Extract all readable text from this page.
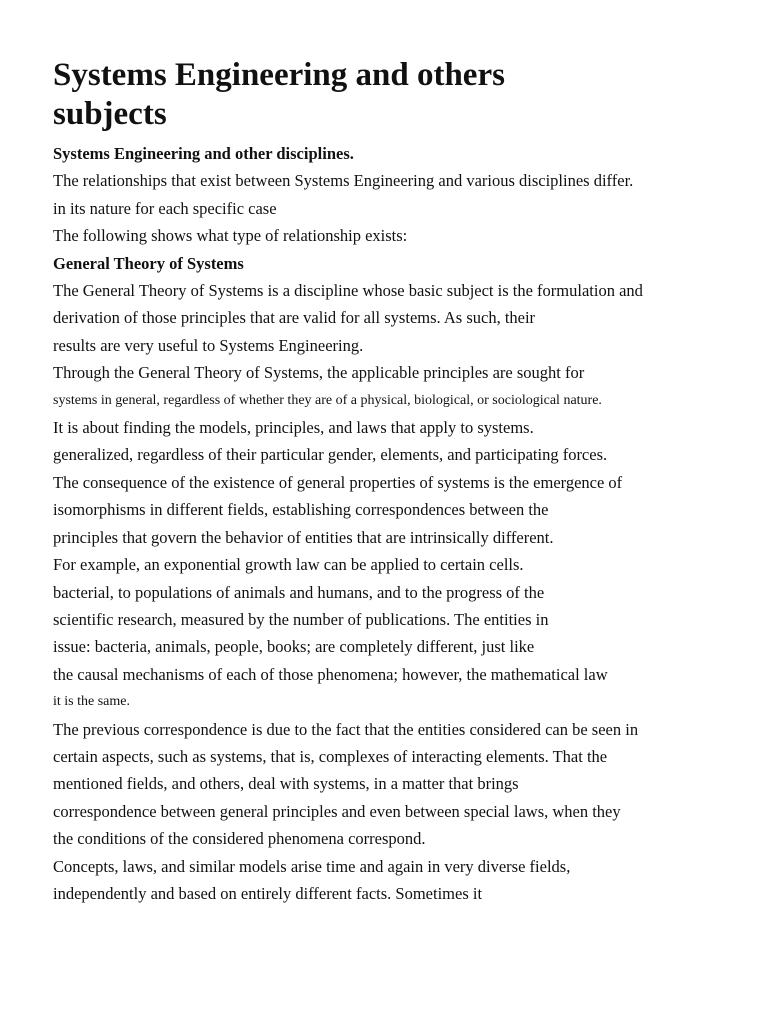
Systems Engineering and others subjects
Systems Engineering and other disciplines.
The relationships that exist between Systems Engineering and various disciplines differ.
in its nature for each specific case
The following shows what type of relationship exists:
General Theory of Systems
The General Theory of Systems is a discipline whose basic subject is the formulation and
derivation of those principles that are valid for all systems. As such, their
results are very useful to Systems Engineering.
Through the General Theory of Systems, the applicable principles are sought for
systems in general, regardless of whether they are of a physical, biological, or sociological nature.
It is about finding the models, principles, and laws that apply to systems.
generalized, regardless of their particular gender, elements, and participating forces.
The consequence of the existence of general properties of systems is the emergence of
isomorphisms in different fields, establishing correspondences between the
principles that govern the behavior of entities that are intrinsically different.
For example, an exponential growth law can be applied to certain cells.
bacterial, to populations of animals and humans, and to the progress of the
scientific research, measured by the number of publications. The entities in
issue: bacteria, animals, people, books; are completely different, just like
the causal mechanisms of each of those phenomena; however, the mathematical law
it is the same.
The previous correspondence is due to the fact that the entities considered can be seen in
certain aspects, such as systems, that is, complexes of interacting elements. That the
mentioned fields, and others, deal with systems, in a matter that brings
correspondence between general principles and even between special laws, when they
the conditions of the considered phenomena correspond.
Concepts, laws, and similar models arise time and again in very diverse fields,
independently and based on entirely different facts. Sometimes it
